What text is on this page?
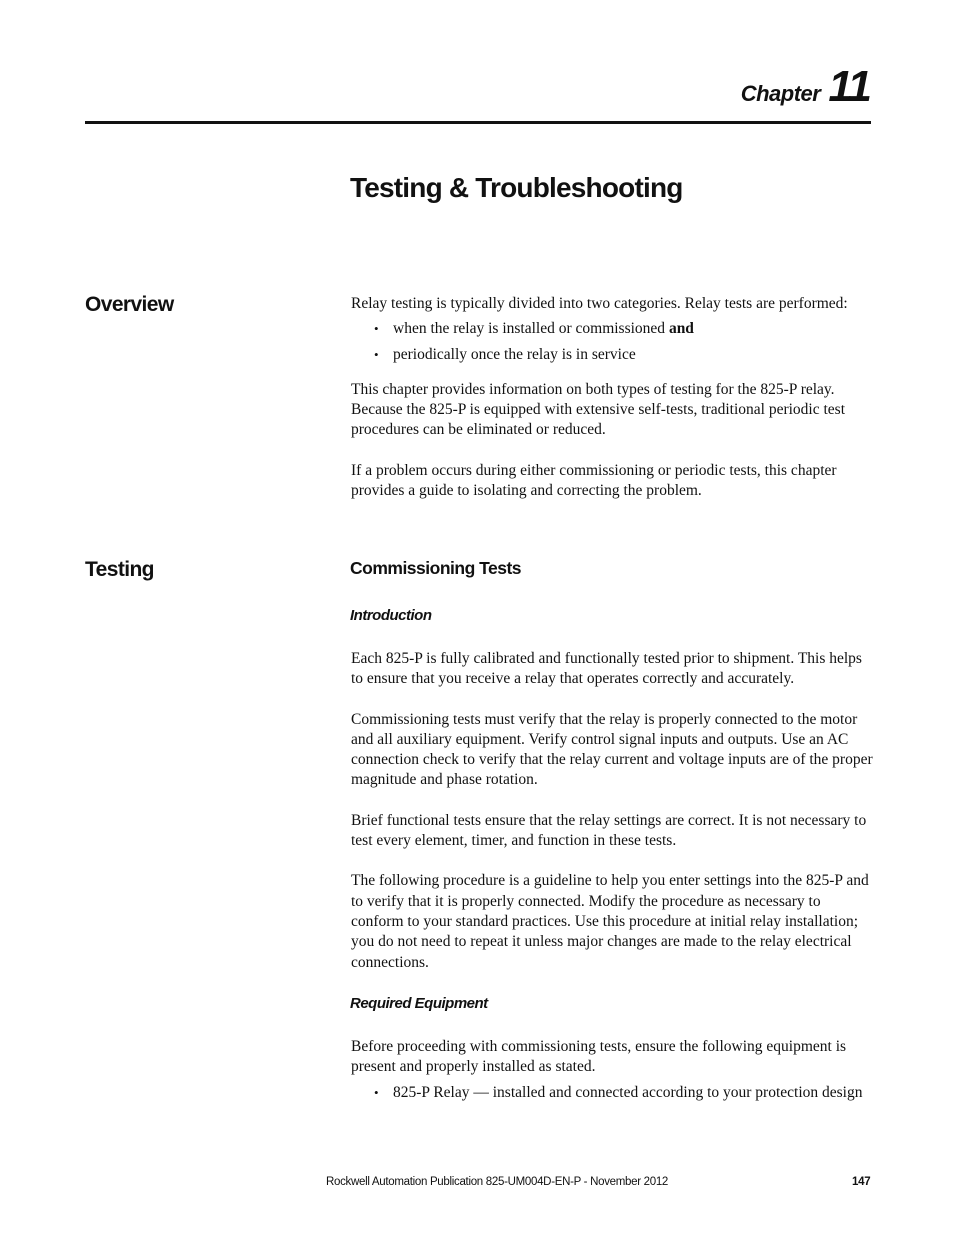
Chapter 11
Testing & Troubleshooting
Overview	Relay testing is typically divided into two categories. Relay tests are performed:

• when the relay is installed or commissioned and
• periodically once the relay is in service

This chapter provides information on both types of testing for the 825-P relay. Because the 825-P is equipped with extensive self-tests, traditional periodic test procedures can be eliminated or reduced.

If a problem occurs during either commissioning or periodic tests, this chapter provides a guide to isolating and correcting the problem.

Testing	Commissioning Tests
Introduction

Each 825-P is fully calibrated and functionally tested prior to shipment. This helps to ensure that you receive a relay that operates correctly and accurately.

Commissioning tests must verify that the relay is properly connected to the motor and all auxiliary equipment. Verify control signal inputs and outputs. Use an AC connection check to verify that the relay current and voltage inputs are of the proper magnitude and phase rotation.

Brief functional tests ensure that the relay settings are correct. It is not necessary to test every element, timer, and function in these tests.

The following procedure is a guideline to help you enter settings into the 825-P and to verify that it is properly connected. Modify the procedure as necessary to conform to your standard practices. Use this procedure at initial relay installation; you do not need to repeat it unless major changes are made to the relay electrical connections.

Required Equipment

Before proceeding with commissioning tests, ensure the following equipment is present and properly installed as stated.

• 825-P Relay — installed and connected according to your protection design
Rockwell Automation Publication 825-UM004D-EN-P - November 2012	147
